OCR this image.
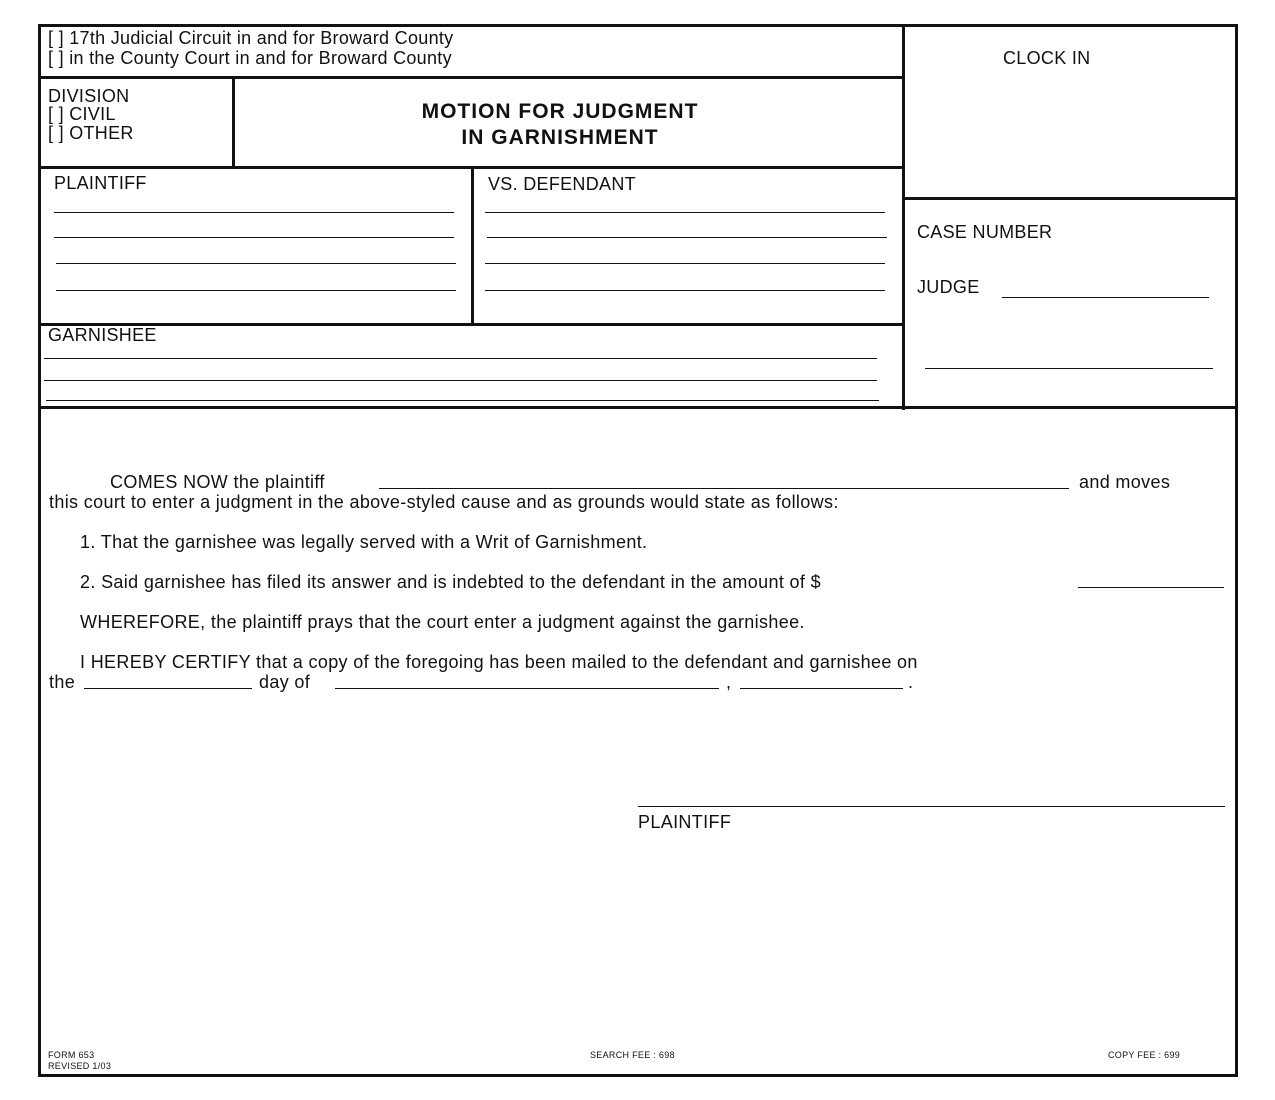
[ ] 17th Judicial Circuit in and for Broward County
[ ] in the County Court in and for Broward County	CLOCK IN
DIVISION
[ ] CIVIL
[ ] OTHER
MOTION FOR JUDGMENT
IN GARNISHMENT
PLAINTIFF	VS. DEFENDANT
GARNISHEE
CASE NUMBER
JUDGE
COMES NOW the plaintiff	and moves
this court to enter a judgment in the above-styled cause and as grounds would state as follows:
1. That the garnishee was legally served with a Writ of Garnishment.
2. Said garnishee has filed its answer and is indebted to the defendant in the amount of $
WHEREFORE, the plaintiff prays that the court enter a judgment against the garnishee.
I HEREBY CERTIFY that a copy of the foregoing has been mailed to the defendant and garnishee on
the	day of	,	.
PLAINTIFF
FORM 653
REVISED 1/03
SEARCH FEE : 698	COPY FEE : 699
